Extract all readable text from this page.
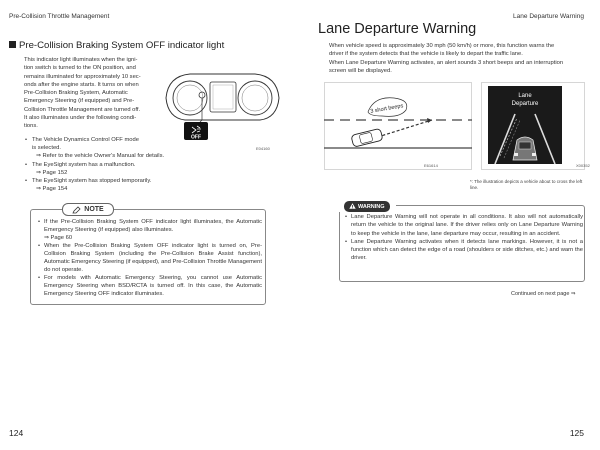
Pre-Collision Throttle Management
Pre-Collision Braking System OFF indicator light
This indicator light illuminates when the igni-
tion switch is turned to the ON position, and
remains illuminated for approximately 10 sec-
onds after the engine starts. It turns on when
Pre-Collision Braking System, Automatic
Emergency Steering (if equipped) and Pre-
Collision Throttle Management are turned off.
It also illuminates under the following condi-
tions.
• The Vehicle Dynamics Control OFF mode
is selected.
⇒ Refer to the vehicle Owner's Manual for details.
• The EyeSight system has a malfunction.
⇒ Page 152
• The EyeSight system has stopped temporarily.
⇒ Page 154
OFF
E04160
NOTE
• If the Pre-Collision Braking System OFF indicator light illuminates, the Automatic Emergency Steering (if equipped) also illuminates.
⇒ Page 60
• When the Pre-Collision Braking System OFF indicator light is turned on, Pre-Collision Braking System (including the Pre-Collision Brake Assist function), Automatic Emergency Steering (if equipped), and Pre-Collision Throttle Management do not operate.
• For models with Automatic Emergency Steering, you cannot use Automatic Emergency Steering when BSD/RCTA is turned off. In this case, the Automatic Emergency Steering OFF indicator illuminates.
124
Lane Departure Warning
Lane Departure Warning
When vehicle speed is approximately 30 mph (50 km/h) or more, this function warns the
driver if the system detects that the vehicle is likely to depart the traffic lane.
When Lane Departure Warning activates, an alert sounds 3 short beeps and an interruption
screen will be displayed.
3 short beeps
E61614
Lane
Departure
X00352
*: The illustration depicts a vehicle about to cross the left line.
WARNING
• Lane Departure Warning will not operate in all conditions. It also will not automatically return the vehicle to the original lane. If the driver relies only on Lane Departure Warning to keep the vehicle in the lane, lane departure may occur, resulting in an accident.
• Lane Departure Warning activates when it detects lane markings. However, it is not a function which can detect the edge of a road (shoulders or side ditches, etc.) and warn the driver.
Continued on next page ⇒
125
